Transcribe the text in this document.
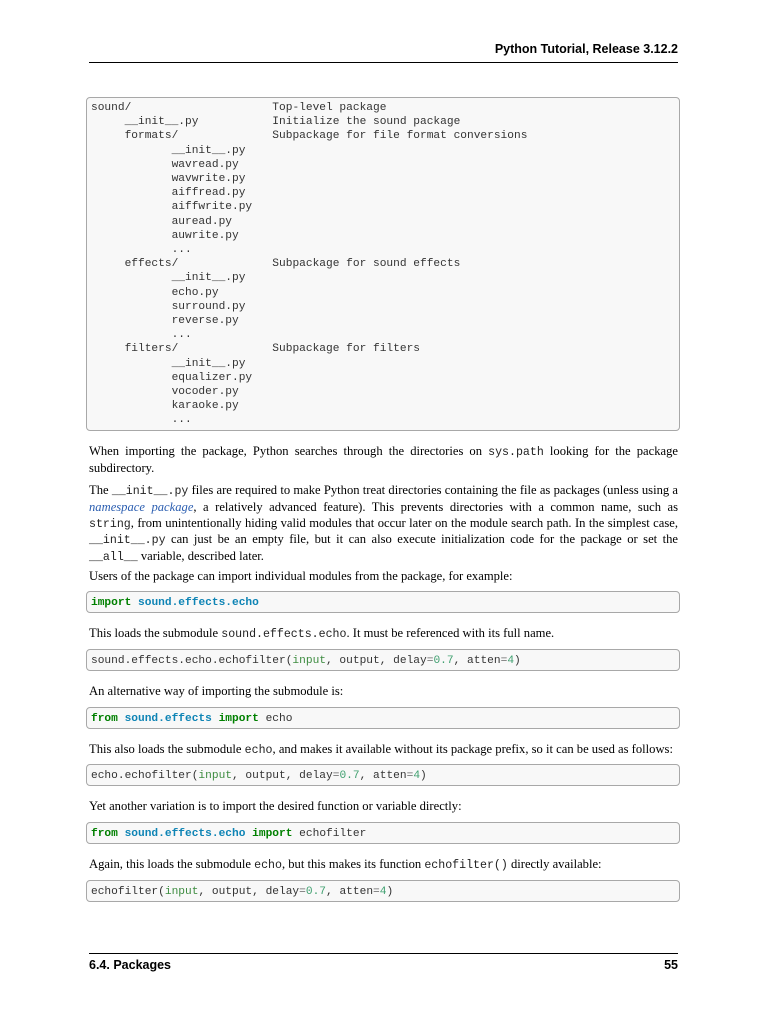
Python Tutorial, Release 3.12.2
sound/	Top-level package
__init__.py	Initialize the sound package
formats/	Subpackage for file format conversions
__init__.py
wavread.py
wavwrite.py
aiffread.py
aiffwrite.py
auread.py
auwrite.py
...
effects/	Subpackage for sound effects
__init__.py
echo.py
surround.py
reverse.py
...
filters/	Subpackage for filters
__init__.py
equalizer.py
vocoder.py
karaoke.py
...

When importing the package, Python searches through the directories on sys.path looking for the package subdirectory.

The __init__.py files are required to make Python treat directories containing the file as packages (unless using a namespace package, a relatively advanced feature). This prevents directories with a common name, such as string, from unintentionally hiding valid modules that occur later on the module search path. In the simplest case, __init__.py can just be an empty file, but it can also execute initialization code for the package or set the __all__ variable, described later.

Users of the package can import individual modules from the package, for example:

import sound.effects.echo

This loads the submodule sound.effects.echo. It must be referenced with its full name.

sound.effects.echo.echofilter(input, output, delay=0.7, atten=4)

An alternative way of importing the submodule is:

from sound.effects import echo

This also loads the submodule echo, and makes it available without its package prefix, so it can be used as follows:

echo.echofilter(input, output, delay=0.7, atten=4)

Yet another variation is to import the desired function or variable directly:

from sound.effects.echo import echofilter

Again, this loads the submodule echo, but this makes its function echofilter() directly available:

echofilter(input, output, delay=0.7, atten=4)
6.4. Packages	55
